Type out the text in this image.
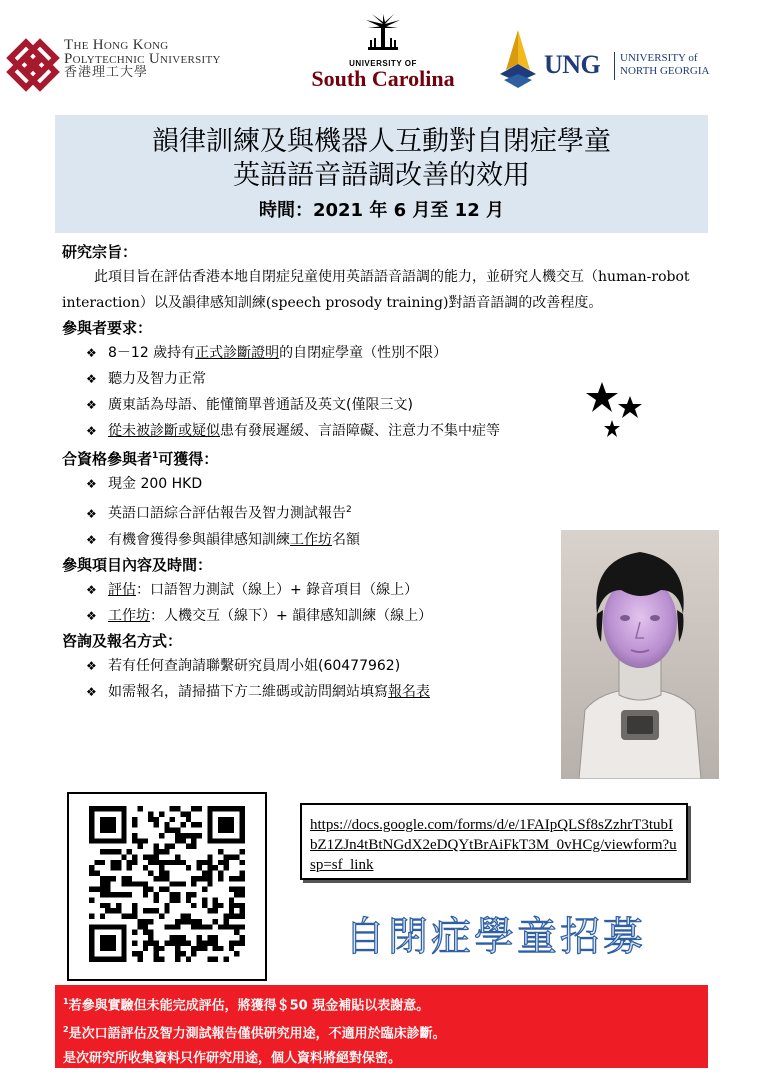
The Hong Kong
Polytechnic University
香港理工大學
UNIVERSITY OF
South Carolina	UNG UNIVERSITY of
NORTH GEORGIA
韻律訓練及與機器人互動對自閉症學童
英語語音語調改善的效用
時間：2021 年 6 月至 12 月
研究宗旨：
此項目旨在評估香港本地自閉症兒童使用英語語音語調的能力，並研究人機交互（human-robot interaction）以及韻律感知訓練(speech prosody training)對語音語調的改善程度。
參與者要求：
❖ 8－12 歲持有正式診斷證明的自閉症學童（性別不限）
❖ 聽力及智力正常
❖ 廣東話為母語、能懂簡單普通話及英文(僅限三文)
❖ 從未被診斷或疑似患有發展遲緩、言語障礙、注意力不集中症等
合資格參與者$^1$可獲得：
❖ 現金 200 HKD
❖ 英語口語綜合評估報告及智力測試報告$^2$
❖ 有機會獲得參與韻律感知訓練工作坊名額
參與項目內容及時間：
❖ 評估：口語智力測試（線上）+ 錄音項目（線上）
❖ 工作坊：人機交互（線下）+ 韻律感知訓練（線上）
咨詢及報名方式：
❖ 若有任何查詢請聯繫研究員周小姐(60477962)
❖ 如需報名，請掃描下方二維碼或訪問網站填寫報名表
https://docs.google.com/forms/d/e/1FAIpQLSf8sZzhrT3tubIbZ1ZJn4tBtNGdX2eDQYtBrAiFkT3M_0vHCg/viewform?usp=sf_link
自閉症學童招募
$^1$若參與實驗但未能完成評估，將獲得＄50 現金補貼以表謝意。
$^2$是次口語評估及智力測試報告僅供研究用途，不適用於臨床診斷。
是次研究所收集資料只作研究用途，個人資料將絕對保密。
